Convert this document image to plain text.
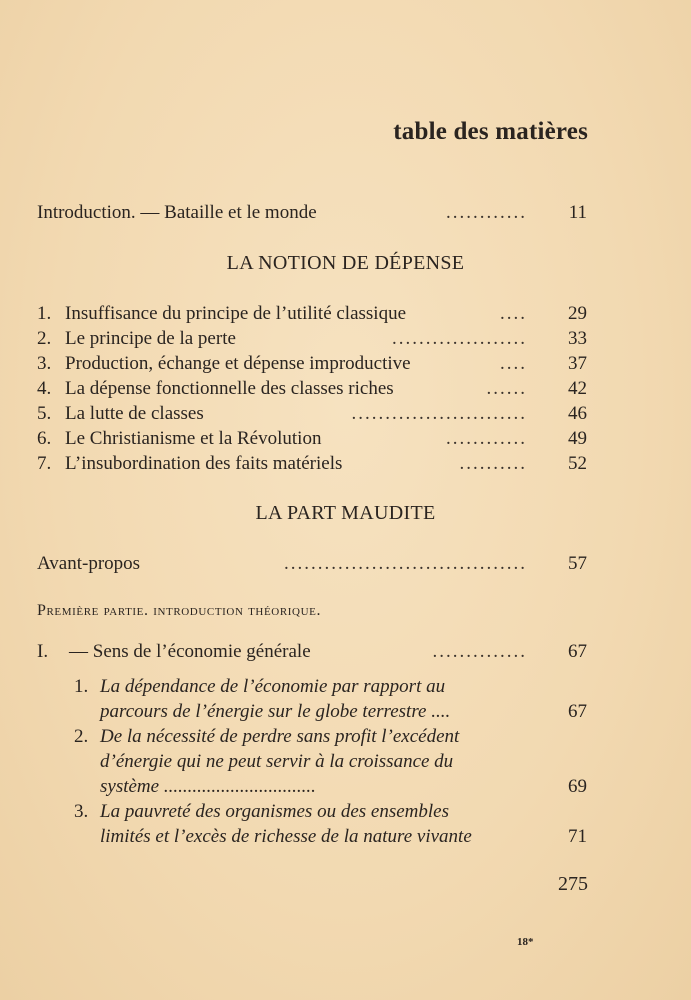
table des matières
Introduction. — Bataille et le monde	............ 11
LA NOTION DE DÉPENSE
1. Insuffisance du principe de l’utilité classique	.... 29
2. Le principe de la perte	.................... 33
3. Production, échange et dépense improductive	.... 37
4. La dépense fonctionnelle des classes riches	...... 42
5. La lutte de classes	.......................... 46
6. Le Christianisme et la Révolution	............ 49
7. L’insubordination des faits matériels	.......... 52
LA PART MAUDITE
Avant-propos	.................................... 57
Première partie. introduction théorique.
I. — Sens de l’économie générale	.............. 67
1. La dépendance de l’économie par rapport au
parcours de l’énergie sur le globe terrestre ....	67
2. De la nécessité de perdre sans profit l’excédent
d’énergie qui ne peut servir à la croissance du
système ................................	69
3. La pauvreté des organismes ou des ensembles
limités et l’excès de richesse de la nature vivante	71
275
18*
